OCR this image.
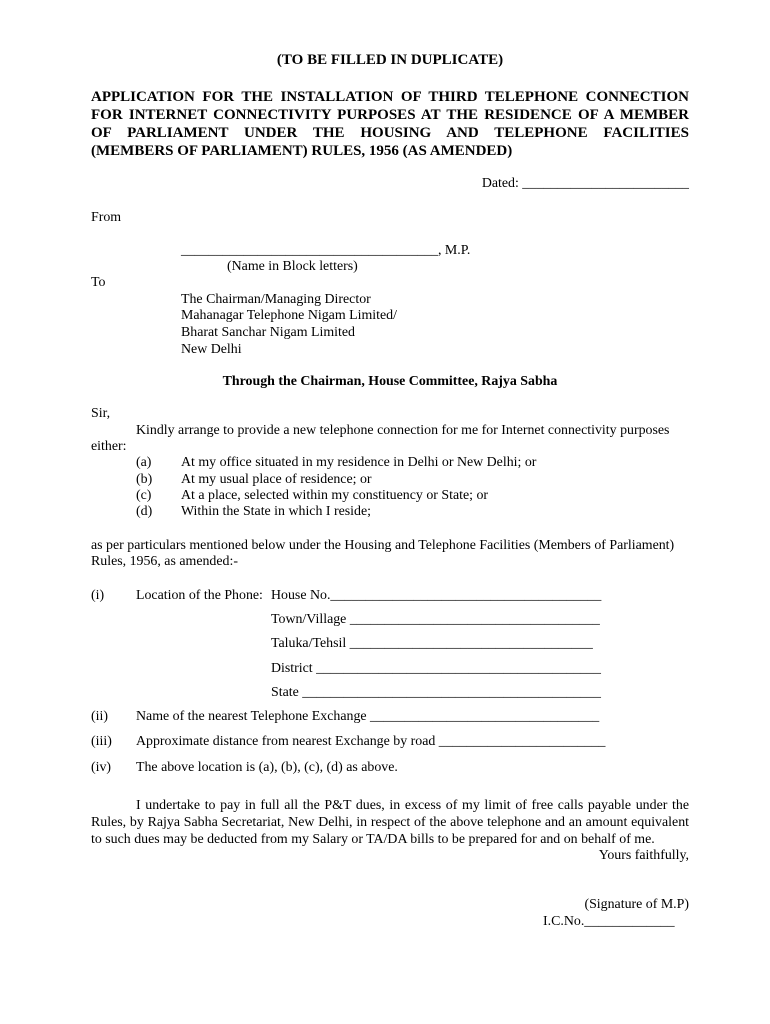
(TO BE FILLED IN DUPLICATE)
APPLICATION FOR THE INSTALLATION OF THIRD TELEPHONE CONNECTION
FOR INTERNET CONNECTIVITY PURPOSES AT THE RESIDENCE OF A MEMBER
OF PARLIAMENT UNDER THE HOUSING AND TELEPHONE FACILITIES
(MEMBERS OF PARLIAMENT) RULES, 1956 (AS AMENDED)
Dated: ________________________
From
_____________________________________, M.P.
(Name in Block letters)
To
The Chairman/Managing Director
Mahanagar Telephone Nigam Limited/
Bharat Sanchar Nigam Limited
New Delhi
Through the Chairman, House Committee, Rajya Sabha
Sir,
Kindly arrange to provide a new telephone connection for me for Internet connectivity purposes
either:
(a) At my office situated in my residence in Delhi or New Delhi; or
(b) At my usual place of residence; or
(c) At a place, selected within my constituency or State; or
(d) Within the State in which I reside;
as per particulars mentioned below under the Housing and Telephone Facilities (Members of Parliament)
Rules, 1956, as amended:-
(i) Location of the Phone: House No._______________________________________
Town/Village ____________________________________
Taluka/Tehsil ___________________________________
District _________________________________________
State ___________________________________________
(ii) Name of the nearest Telephone Exchange _________________________________
(iii) Approximate distance from nearest Exchange by road ________________________
(iv) The above location is (a), (b), (c), (d) as above.
I undertake to pay in full all the P&T dues, in excess of my limit of free calls payable under the
Rules, by Rajya Sabha Secretariat, New Delhi, in respect of the above telephone and an amount equivalent
to such dues may be deducted from my Salary or TA/DA bills to be prepared for and on behalf of me.
Yours faithfully,
(Signature of M.P)
I.C.No._____________
